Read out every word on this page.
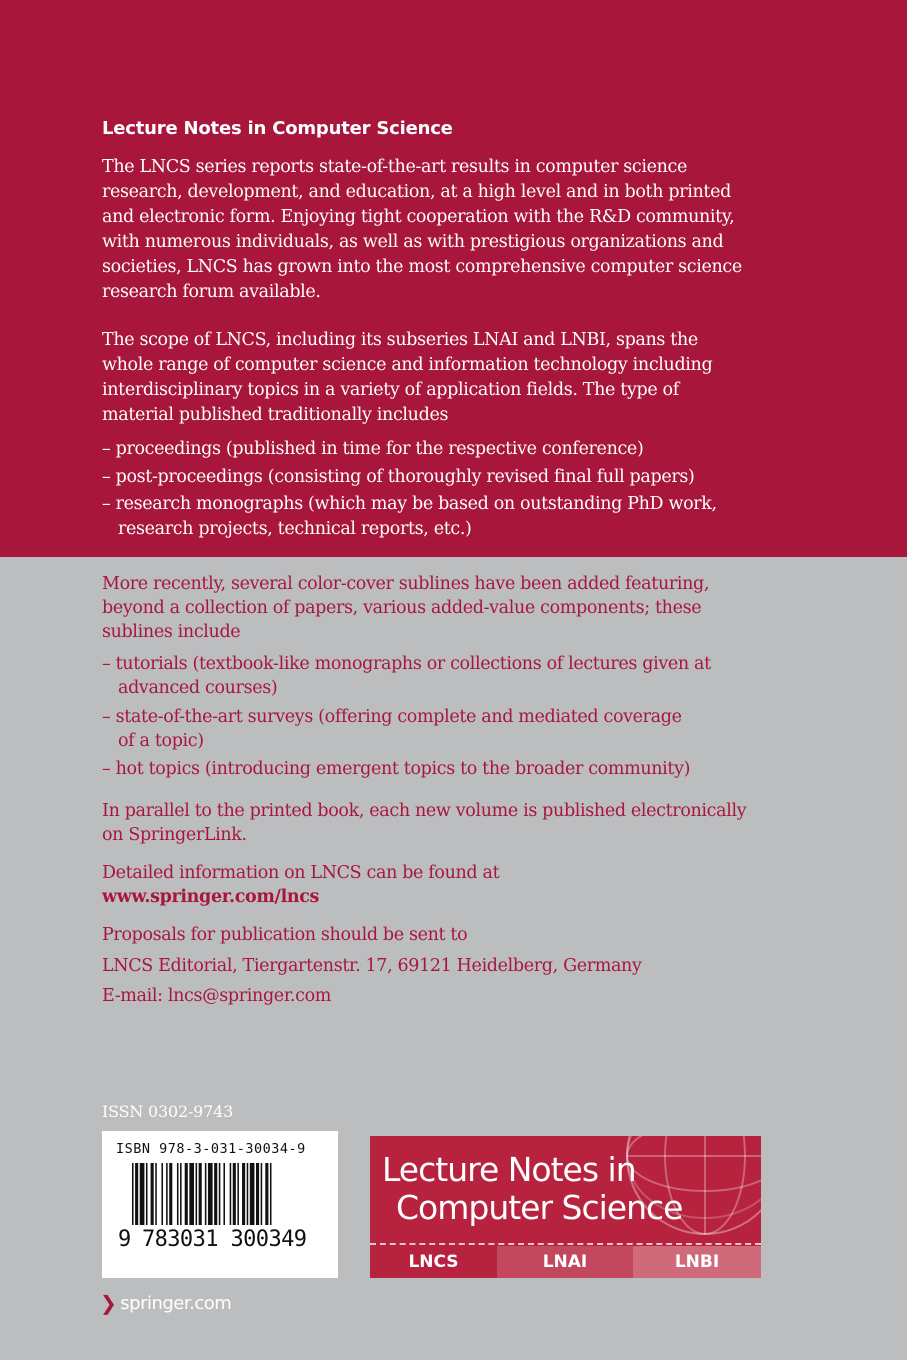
Lecture Notes in Computer Science
The LNCS series reports state-of-the-art results in computer science
research, development, and education, at a high level and in both printed
and electronic form. Enjoying tight cooperation with the R&D community,
with numerous individuals, as well as with prestigious organizations and
societies, LNCS has grown into the most comprehensive computer science
research forum available.
The scope of LNCS, including its subseries LNAI and LNBI, spans the
whole range of computer science and information technology including
interdisciplinary topics in a variety of application fields. The type of
material published traditionally includes
– proceedings (published in time for the respective conference)
– post-proceedings (consisting of thoroughly revised final full papers)
– research monographs (which may be based on outstanding PhD work,
research projects, technical reports, etc.)
More recently, several color-cover sublines have been added featuring,
beyond a collection of papers, various added-value components; these
sublines include
– tutorials (textbook-like monographs or collections of lectures given at
advanced courses)
– state-of-the-art surveys (offering complete and mediated coverage
of a topic)
– hot topics (introducing emergent topics to the broader community)
In parallel to the printed book, each new volume is published electronically
on SpringerLink.
Detailed information on LNCS can be found at
www.springer.com/lncs
Proposals for publication should be sent to
LNCS Editorial, Tiergartenstr. 17, 69121 Heidelberg, Germany
E-mail: lncs@springer.com
ISSN 0302-9743
ISBN 978-3-031-30034-9
9 783031 300349
Lecture Notes in
Computer Science
LNCS	LNAI	LNBI
❯ springer.com
